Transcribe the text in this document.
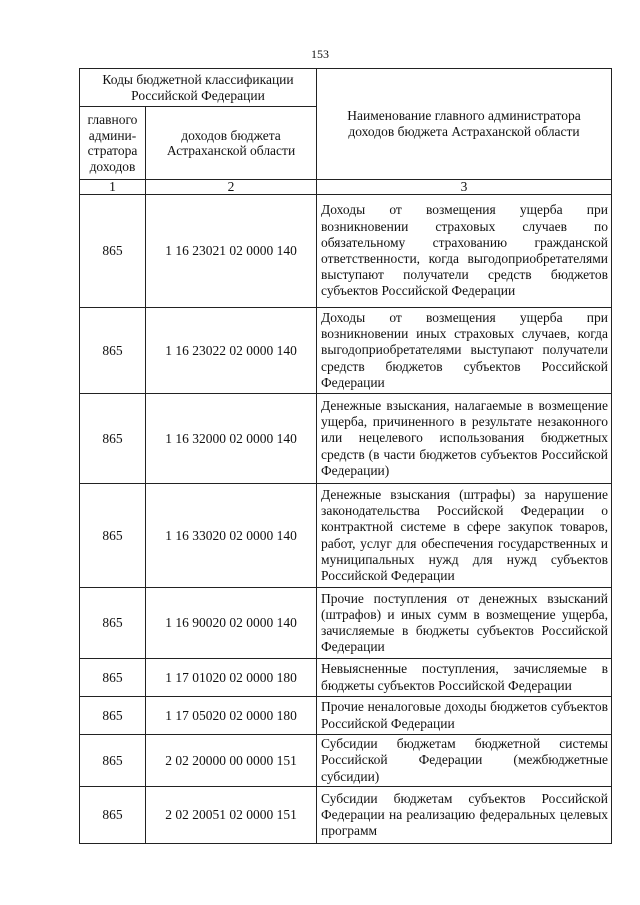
153
Коды бюджетной классификации Российской Федерации		Наименование главного администратора доходов бюджета Астраханской области
главного админи-стратора доходов	доходов бюджета Астраханской области	
1	2	3
865	1 16 23021 02 0000 140	Доходы от возмещения ущерба при возникновении страховых случаев по обязательному страхованию гражданской ответственности, когда выгодоприобретателями выступают получатели средств бюджетов субъектов Российской Федерации
865	1 16 23022 02 0000 140	Доходы от возмещения ущерба при возникновении иных страховых случаев, когда выгодоприобретателями выступают получатели средств бюджетов субъектов Российской Федерации
865	1 16 32000 02 0000 140	Денежные взыскания, налагаемые в возмещение ущерба, причиненного в результате незаконного или нецелевого использования бюджетных средств (в части бюджетов субъектов Российской Федерации)
865	1 16 33020 02 0000 140	Денежные взыскания (штрафы) за нарушение законодательства Российской Федерации о контрактной системе в сфере закупок товаров, работ, услуг для обеспечения государственных и муниципальных нужд для нужд субъектов Российской Федерации
865	1 16 90020 02 0000 140	Прочие поступления от денежных взысканий (штрафов) и иных сумм в возмещение ущерба, зачисляемые в бюджеты субъектов Российской Федерации
865	1 17 01020 02 0000 180	Невыясненные поступления, зачисляемые в бюджеты субъектов Российской Федерации
865	1 17 05020 02 0000 180	Прочие неналоговые доходы бюджетов субъектов Российской Федерации
865	2 02 20000 00 0000 151	Субсидии бюджетам бюджетной системы Российской Федерации (межбюджетные субсидии)
865	2 02 20051 02 0000 151	Субсидии бюджетам субъектов Российской Федерации на реализацию федеральных целевых программ
